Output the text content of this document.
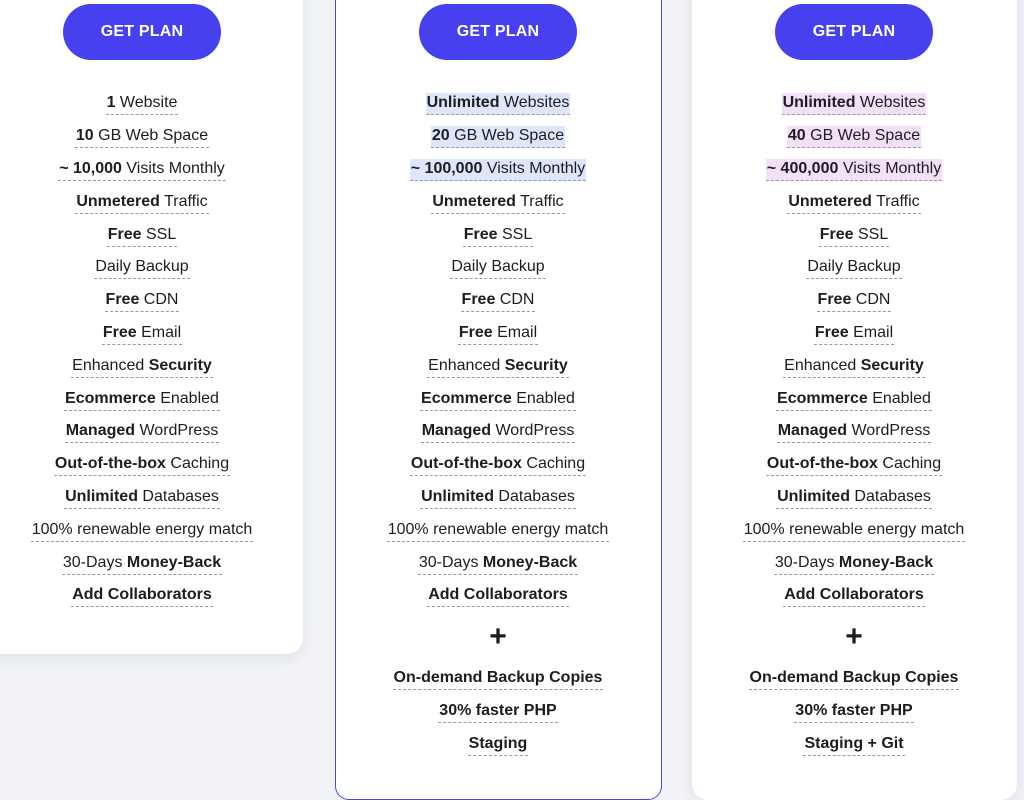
GET PLAN
1 Website
10 GB Web Space
~ 10,000 Visits Monthly
Unmetered Traffic
Free SSL
Daily Backup
Free CDN
Free Email
Enhanced Security
Ecommerce Enabled
Managed WordPress
Out-of-the-box Caching
Unlimited Databases
100% renewable energy match
30-Days Money-Back
Add Collaborators
GET PLAN
Unlimited Websites
20 GB Web Space
~ 100,000 Visits Monthly
Unmetered Traffic
Free SSL
Daily Backup
Free CDN
Free Email
Enhanced Security
Ecommerce Enabled
Managed WordPress
Out-of-the-box Caching
Unlimited Databases
100% renewable energy match
30-Days Money-Back
Add Collaborators
+
On-demand Backup Copies
30% faster PHP
Staging
GET PLAN
Unlimited Websites
40 GB Web Space
~ 400,000 Visits Monthly
Unmetered Traffic
Free SSL
Daily Backup
Free CDN
Free Email
Enhanced Security
Ecommerce Enabled
Managed WordPress
Out-of-the-box Caching
Unlimited Databases
100% renewable energy match
30-Days Money-Back
Add Collaborators
+
On-demand Backup Copies
30% faster PHP
Staging + Git
